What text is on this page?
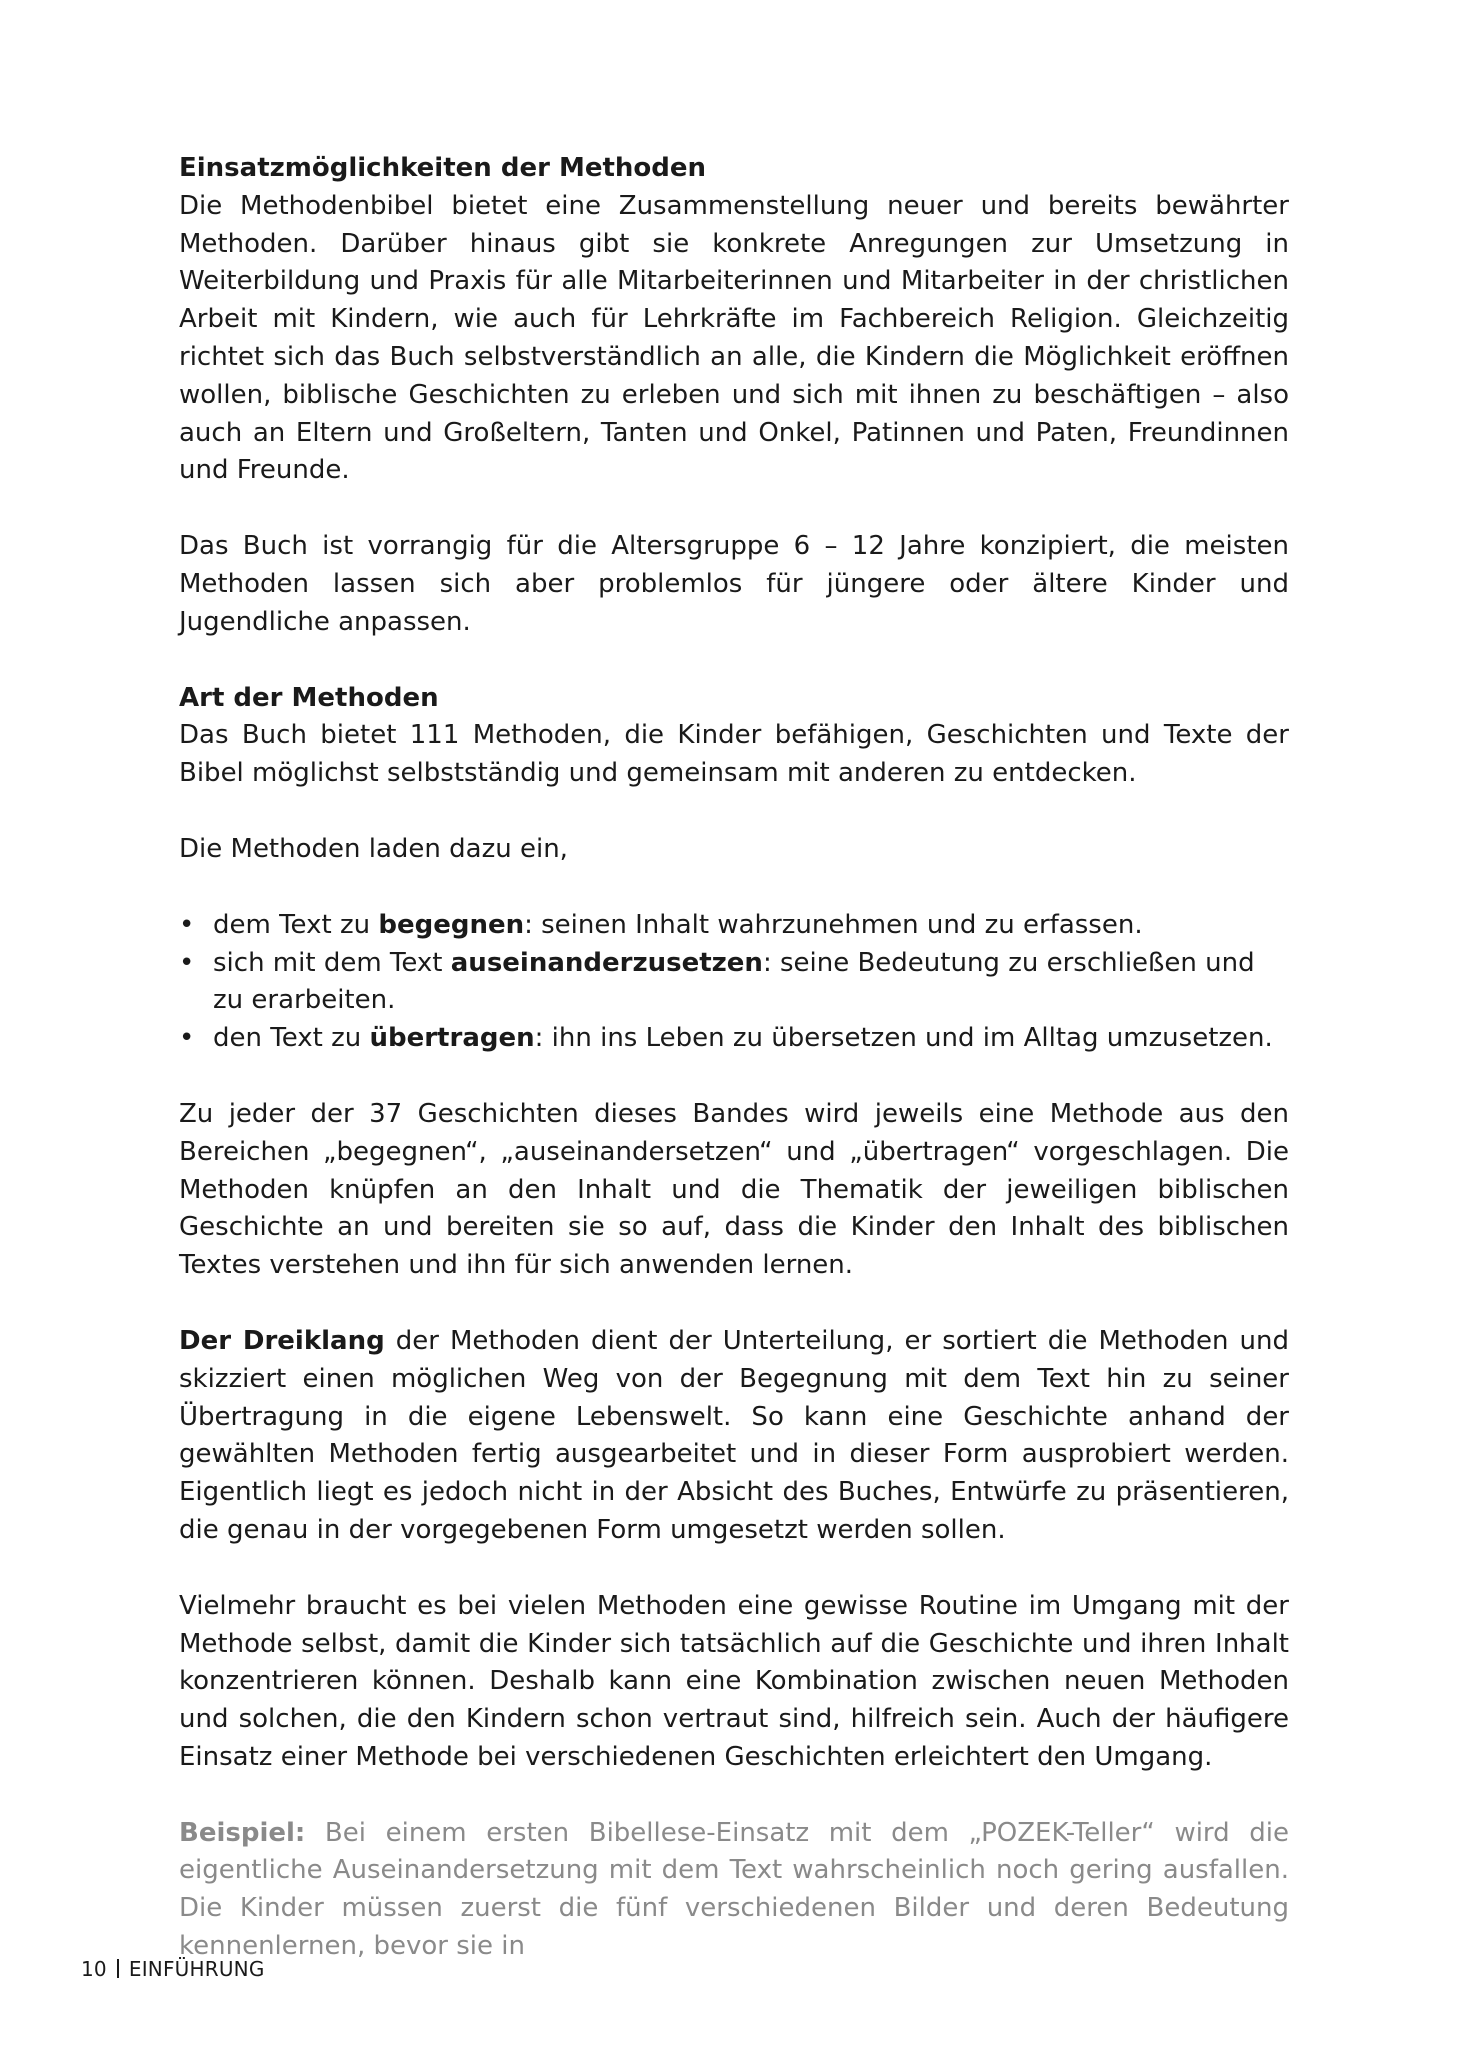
Einsatzmöglichkeiten der Methoden

Die Methodenbibel bietet eine Zusammenstellung neuer und bereits bewährter Methoden. Darüber hinaus gibt sie konkrete Anregungen zur Umsetzung in Weiterbildung und Praxis für alle Mitarbeiterinnen und Mitarbeiter in der christlichen Arbeit mit Kindern, wie auch für Lehrkräfte im Fachbereich Religion. Gleichzeitig richtet sich das Buch selbstverständlich an alle, die Kindern die Möglichkeit eröffnen wollen, biblische Geschichten zu erleben und sich mit ihnen zu beschäftigen – also auch an Eltern und Großeltern, Tanten und Onkel, Patinnen und Paten, Freundinnen und Freunde.

Das Buch ist vorrangig für die Altersgruppe 6 – 12 Jahre konzipiert, die meisten Methoden lassen sich aber problemlos für jüngere oder ältere Kinder und Jugendliche anpassen.

Art der Methoden

Das Buch bietet 111 Methoden, die Kinder befähigen, Geschichten und Texte der Bibel möglichst selbstständig und gemeinsam mit anderen zu entdecken.

Die Methoden laden dazu ein,

• dem Text zu begegnen: seinen Inhalt wahrzunehmen und zu erfassen.
• sich mit dem Text auseinanderzusetzen: seine Bedeutung zu erschließen und zu erarbeiten.
• den Text zu übertragen: ihn ins Leben zu übersetzen und im Alltag umzusetzen.

Zu jeder der 37 Geschichten dieses Bandes wird jeweils eine Methode aus den Bereichen „begegnen“, „auseinandersetzen“ und „übertragen“ vorgeschlagen. Die Methoden knüpfen an den Inhalt und die Thematik der jeweiligen biblischen Geschichte an und bereiten sie so auf, dass die Kinder den Inhalt des biblischen Textes verstehen und ihn für sich anwenden lernen.

Der Dreiklang der Methoden dient der Unterteilung, er sortiert die Methoden und skizziert einen möglichen Weg von der Begegnung mit dem Text hin zu seiner Übertragung in die eigene Lebenswelt. So kann eine Geschichte anhand der gewählten Methoden fertig ausgearbeitet und in dieser Form ausprobiert werden. Eigentlich liegt es jedoch nicht in der Absicht des Buches, Entwürfe zu präsentieren, die genau in der vorgegebenen Form umgesetzt werden sollen.

Vielmehr braucht es bei vielen Methoden eine gewisse Routine im Umgang mit der Methode selbst, damit die Kinder sich tatsächlich auf die Geschichte und ihren Inhalt konzentrieren können. Deshalb kann eine Kombination zwischen neuen Methoden und solchen, die den Kindern schon vertraut sind, hilfreich sein. Auch der häufigere Einsatz einer Methode bei verschiedenen Geschichten erleichtert den Umgang.

Beispiel: Bei einem ersten Bibellese-Einsatz mit dem „POZEK-Teller“ wird die eigentliche Auseinandersetzung mit dem Text wahrscheinlich noch gering ausfallen. Die Kinder müssen zuerst die fünf verschiedenen Bilder und deren Bedeutung kennenlernen, bevor sie in

10 EINFÜHRUNG
